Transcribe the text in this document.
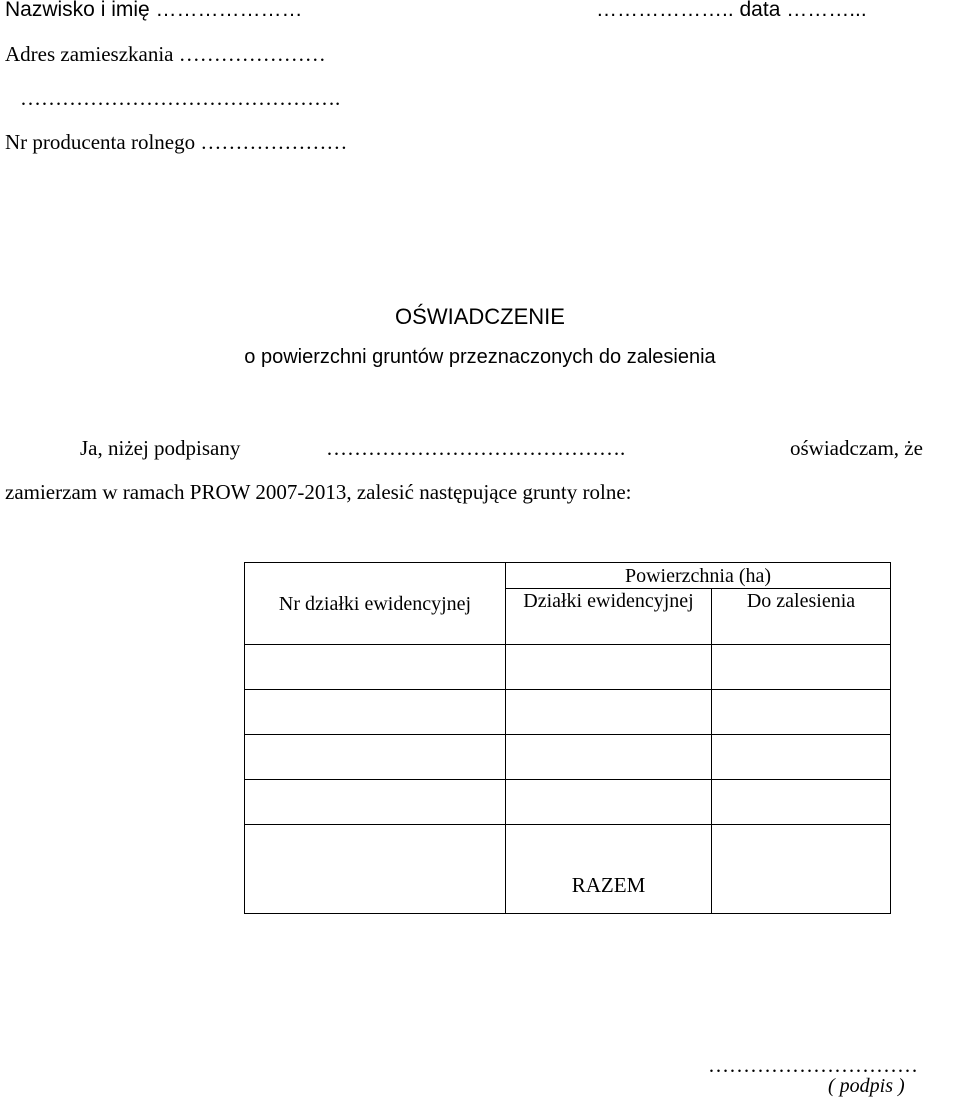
Nazwisko i imię …………………	……………….. data ………...
Adres zamieszkania …………………
……………………………………….
Nr producenta rolnego …………………
OŚWIADCZENIE
o powierzchni gruntów przeznaczonych do zalesienia
Ja, niżej podpisany	…………………………………….	oświadczam, że
zamierzam w ramach PROW 2007-2013, zalesić następujące grunty rolne:
Nr działki ewidencyjnej	Powierzchnia (ha)	
	Działki ewidencyjnej	Do zalesienia

	RAZEM	
…………………………
( podpis )
